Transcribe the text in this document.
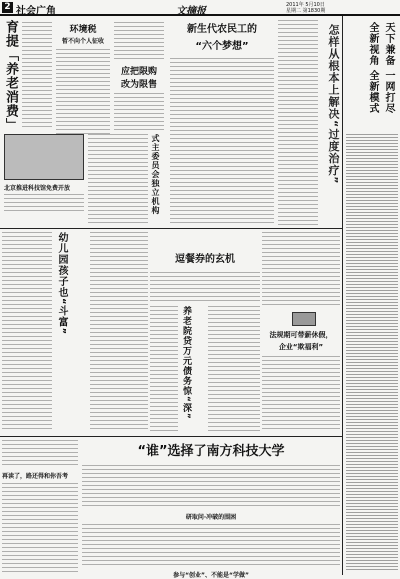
2 社会广角	文摘报
2011年 5月10日
星期二 第1830期
育提「养老消费」	环境税
暂不向个人征收
应把限购
改为限售
新生代农民工的
“六个梦想”	怎样从根本上解决“过度治疗”	天下兼备
一网打尽
全新视角
全新模式
北京推进科技馆免费开放	式主委员会独立机构
幼儿园孩子也“斗富”	逗餐券的玄机
养老院贷万元债务惊“深”	法规期可带薪休假，
企业“欺福利”
再读了，路还得和你吾考
“谁”选择了南方科技大学
研取问·冲破的围困
参与“创业”、不能是“学做”
